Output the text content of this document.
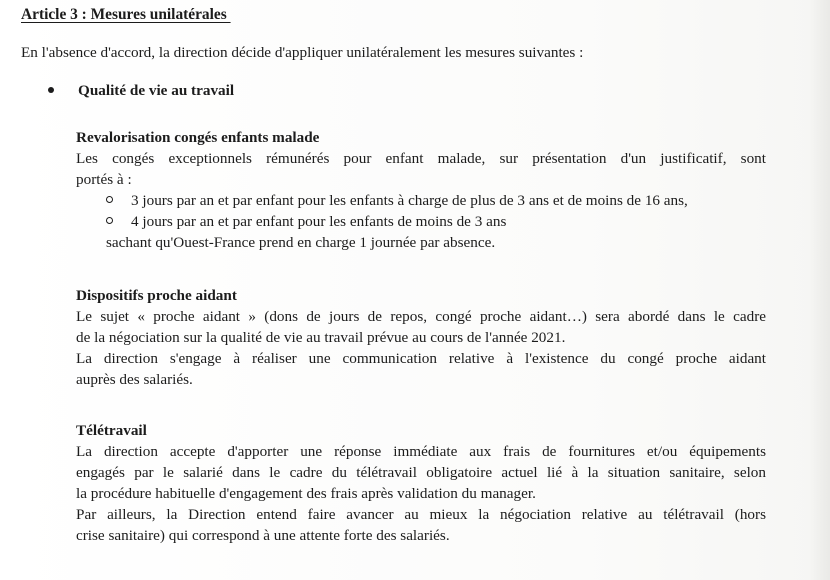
Article 3 : Mesures unilatérales
En l'absence d'accord, la direction décide d'appliquer unilatéralement les mesures suivantes :
Qualité de vie au travail
Revalorisation congés enfants malade
Les congés exceptionnels rémunérés pour enfant malade, sur présentation d'un justificatif, sont
portés à :
3 jours par an et par enfant pour les enfants à charge de plus de 3 ans et de moins de 16 ans,
4 jours par an et par enfant pour les enfants de moins de 3 ans
sachant qu'Ouest-France prend en charge 1 journée par absence.
Dispositifs proche aidant
Le sujet « proche aidant » (dons de jours de repos, congé proche aidant…) sera abordé dans le cadre
de la négociation sur la qualité de vie au travail prévue au cours de l'année 2021.
La direction s'engage à réaliser une communication relative à l'existence du congé proche aidant
auprès des salariés.
Télétravail
La direction accepte d'apporter une réponse immédiate aux frais de fournitures et/ou équipements
engagés par le salarié dans le cadre du télétravail obligatoire actuel lié à la situation sanitaire, selon
la procédure habituelle d'engagement des frais après validation du manager.
Par ailleurs, la Direction entend faire avancer au mieux la négociation relative au télétravail (hors
crise sanitaire) qui correspond à une attente forte des salariés.
